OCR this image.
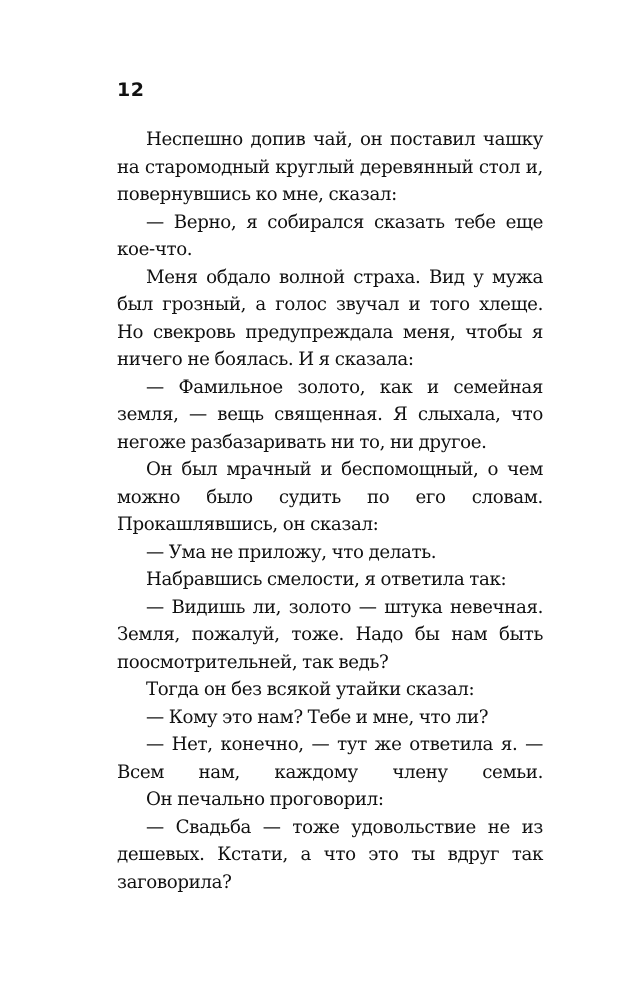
12

Неспешно допив чай, он поставил чашку на старомодный круглый деревянный стол и, повернувшись ко мне, сказал:

— Верно, я собирался сказать тебе еще кое-что.

Меня обдало волной страха. Вид у мужа был грозный, а голос звучал и того хлеще. Но свекровь предупреждала меня, чтобы я ничего не боялась. И я сказала:

— Фамильное золото, как и семейная земля, — вещь священная. Я слыхала, что негоже разбазаривать ни то, ни другое.

Он был мрачный и беспомощный, о чем можно было судить по его словам. Прокашлявшись, он сказал:

— Ума не приложу, что делать.

Набравшись смелости, я ответила так:

— Видишь ли, золото — штука невечная. Земля, пожалуй, тоже. Надо бы нам быть поосмотрительней, так ведь?

Тогда он без всякой утайки сказал:

— Кому это нам? Тебе и мне, что ли?

— Нет, конечно, — тут же ответила я. — Всем нам, каждому члену семьи.

Он печально проговорил:

— Свадьба — тоже удовольствие не из дешевых. Кстати, а что это ты вдруг так заговорила?
